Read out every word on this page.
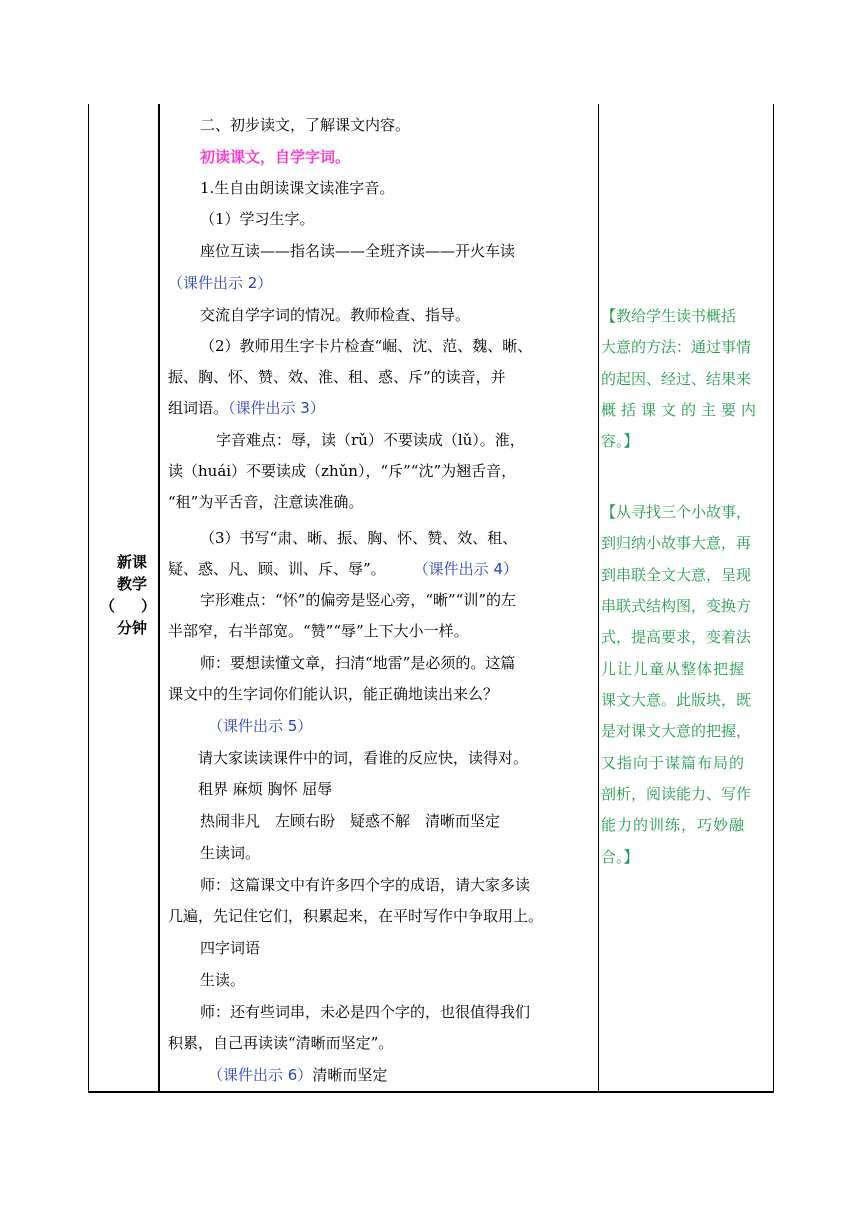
新课
教学
（ ）
分钟
二、初步读文，了解课文内容。
初读课文，自学字词。
1.生自由朗读课文读准字音。
（1）学习生字。
座位互读——指名读——全班齐读——开火车读
（课件出示 2）
交流自学字词的情况。教师检查、指导。
（2）教师用生字卡片检查“崛、沈、范、魏、晰、
振、胸、怀、赞、效、淮、租、惑、斥”的读音，并
组词语。（课件出示 3）
字音难点：辱，读（rǔ）不要读成（lǔ）。淮，
读（huái）不要读成（zhǔn），“斥”“沈”为翘舌音，
“租”为平舌音，注意读准确。
（3）书写“肃、晰、振、胸、怀、赞、效、租、
疑、惑、凡、顾、训、斥、辱”。 （课件出示 4）
字形难点：“怀”的偏旁是竖心旁，“晰”“训”的左
半部窄，右半部宽。“赞”“辱”上下大小一样。
师：要想读懂文章，扫清“地雷”是必须的。这篇
课文中的生字词你们能认识，能正确地读出来么？
（课件出示 5）
请大家读读课件中的词，看谁的反应快，读得对。
租界 麻烦 胸怀 屈辱
热闹非凡　左顾右盼　疑惑不解　清晰而坚定
生读词。
师：这篇课文中有许多四个字的成语，请大家多读
几遍，先记住它们，积累起来，在平时写作中争取用上。
四字词语
生读。
师：还有些词串，未必是四个字的，也很值得我们
积累，自己再读读“清晰而坚定”。
（课件出示 6）清晰而坚定
【教给学生读书概括
大意的方法：通过事情
的起因、经过、结果来
概括课文的主要内
容。】
【从寻找三个小故事，
到归纳小故事大意，再
到串联全文大意，呈现
串联式结构图，变换方
式，提高要求，变着法
儿让儿童从整体把握
课文大意。此版块，既
是对课文大意的把握，
又指向于谋篇布局的
剖析，阅读能力、写作
能力的训练，巧妙融
合。】
